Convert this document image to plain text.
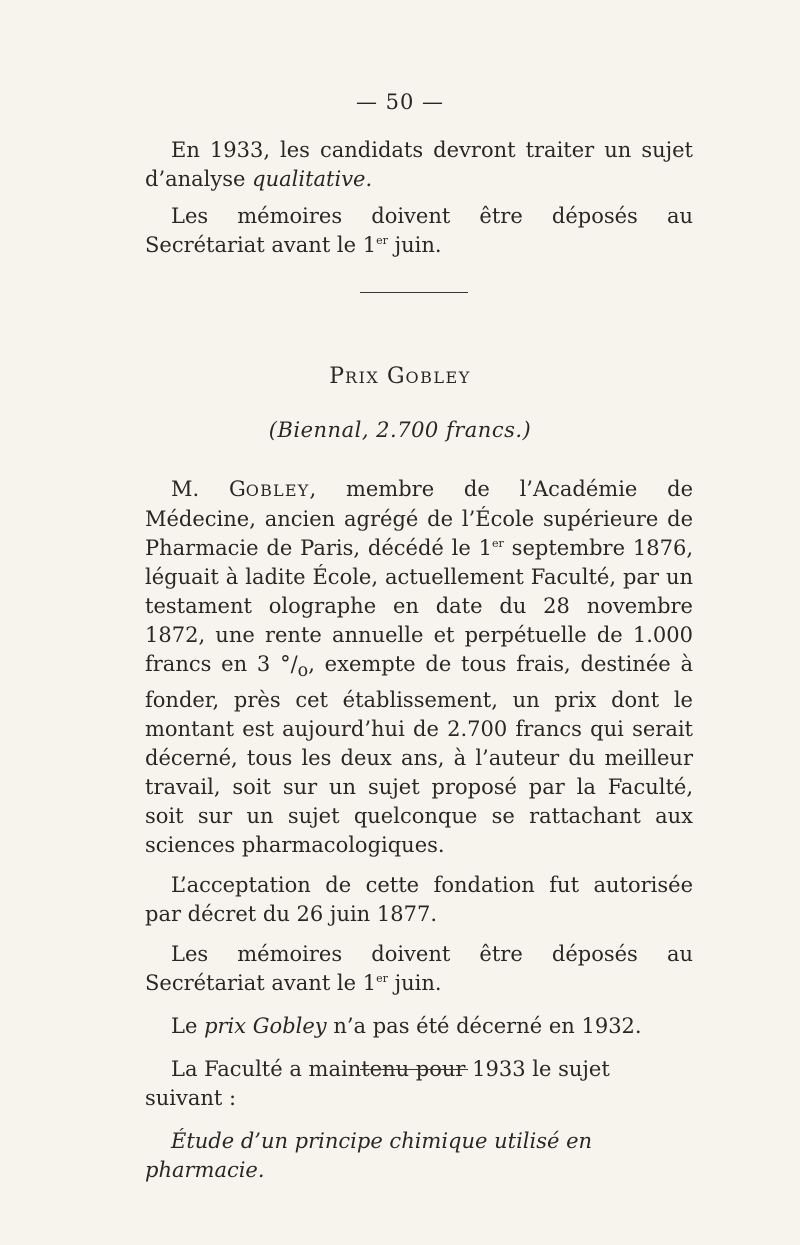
— 50 —

En 1933, les candidats devront traiter un sujet d’analyse qualitative.

Les mémoires doivent être déposés au Secrétariat avant le 1er juin.

PRIX GOBLEY
(Biennal, 2.700 francs.)

M. GOBLEY, membre de l’Académie de Médecine, ancien agrégé de l’École supérieure de Pharmacie de Paris, décédé le 1er septembre 1876, léguait à ladite École, actuellement Faculté, par un testament olographe en date du 28 novembre 1872, une rente annuelle et perpétuelle de 1.000 francs en 3 $^\circ/_o$, exempte de tous frais, destinée à fonder, près cet établissement, un prix dont le montant est aujourd’hui de 2.700 francs qui serait décerné, tous les deux ans, à l’auteur du meilleur travail, soit sur un sujet proposé par la Faculté, soit sur un sujet quelconque se rattachant aux sciences pharmacologiques.

L’acceptation de cette fondation fut autorisée par décret du 26 juin 1877.

Les mémoires doivent être déposés au Secrétariat avant le 1er juin.

Le prix Gobley n’a pas été décerné en 1932.

La Faculté a maintenu pour 1933 le sujet suivant :

Étude d’un principe chimique utilisé en pharmacie.
